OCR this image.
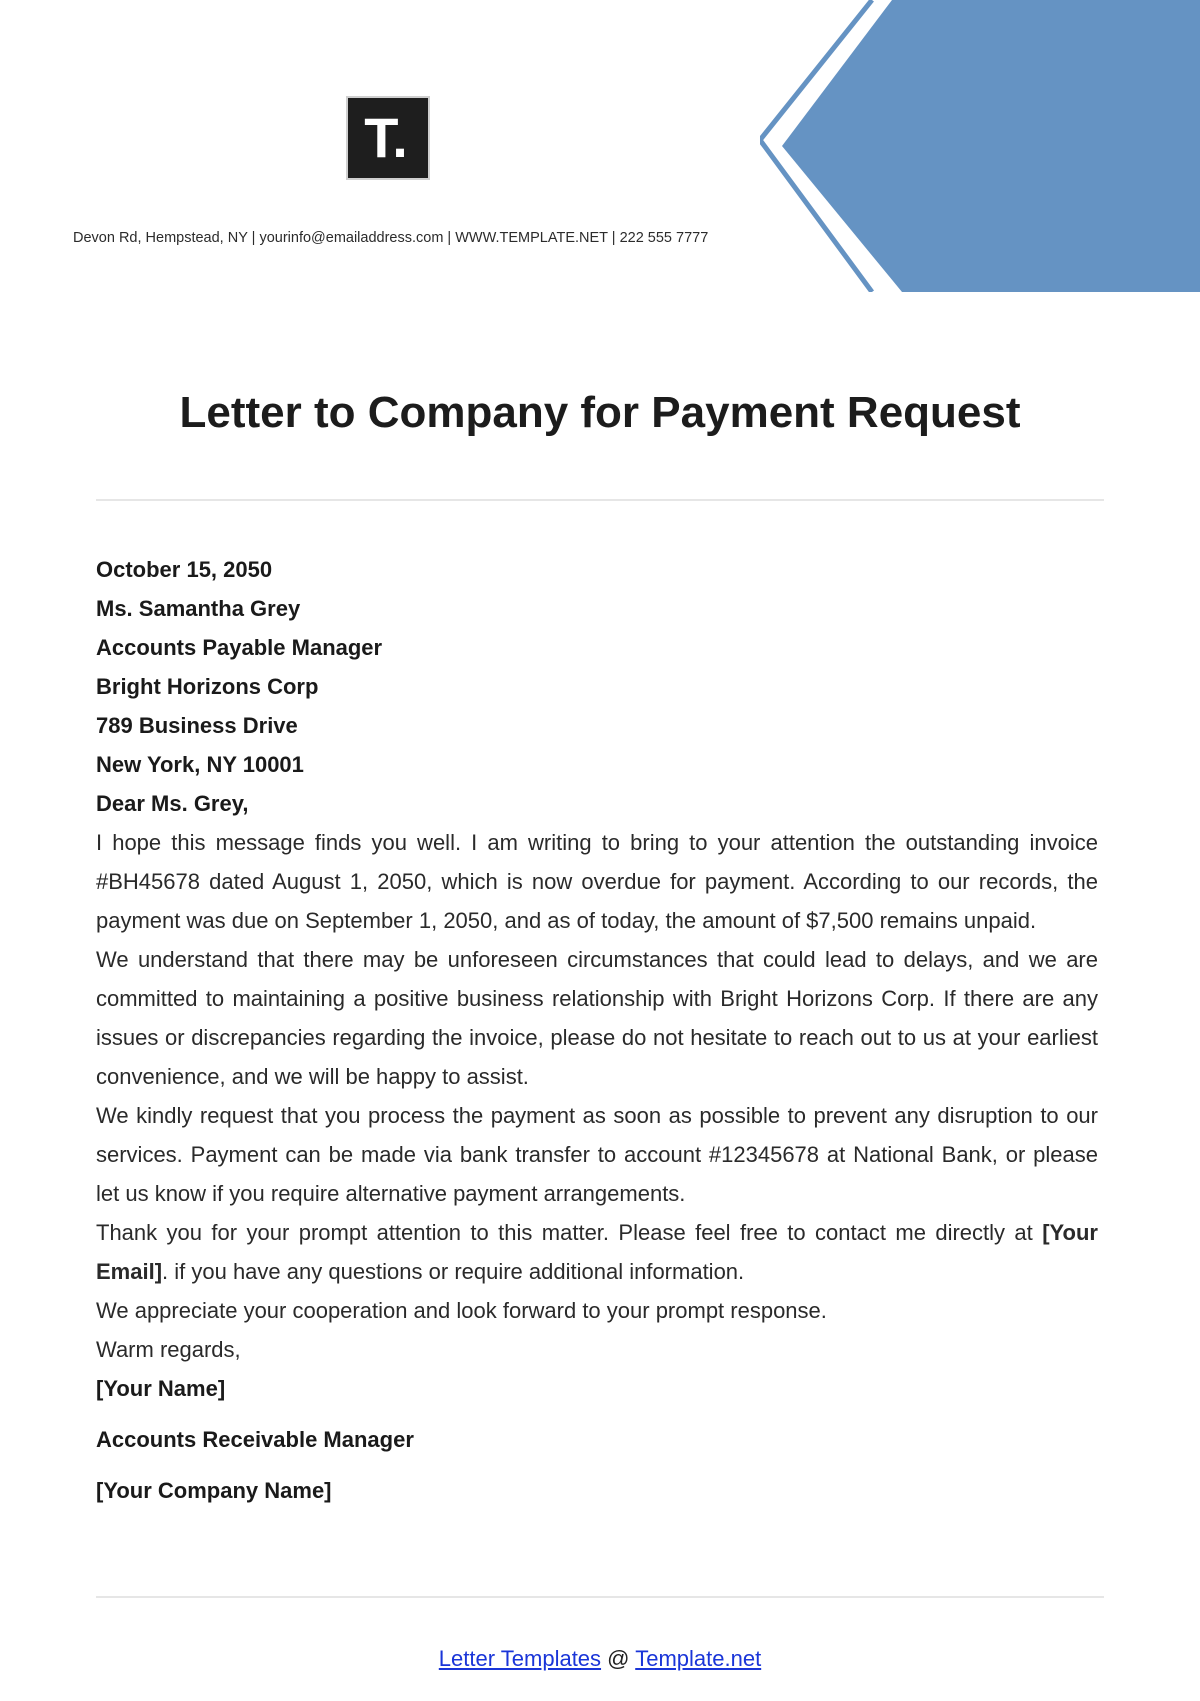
T.
Devon Rd, Hempstead, NY | yourinfo@emailaddress.com | WWW.TEMPLATE.NET | 222 555 7777
Letter to Company for Payment Request

October 15, 2050

Ms. Samantha Grey

Accounts Payable Manager

Bright Horizons Corp

789 Business Drive

New York, NY 10001

Dear Ms. Grey,

I hope this message finds you well. I am writing to bring to your attention the outstanding invoice #BH45678 dated August 1, 2050, which is now overdue for payment. According to our records, the payment was due on September 1, 2050, and as of today, the amount of $7,500 remains unpaid.

We understand that there may be unforeseen circumstances that could lead to delays, and we are committed to maintaining a positive business relationship with Bright Horizons Corp. If there are any issues or discrepancies regarding the invoice, please do not hesitate to reach out to us at your earliest convenience, and we will be happy to assist.

We kindly request that you process the payment as soon as possible to prevent any disruption to our services. Payment can be made via bank transfer to account #12345678 at National Bank, or please let us know if you require alternative payment arrangements.

Thank you for your prompt attention to this matter. Please feel free to contact me directly at [Your Email]. if you have any questions or require additional information.

We appreciate your cooperation and look forward to your prompt response.

Warm regards,

[Your Name]

Accounts Receivable Manager

[Your Company Name]

Letter Templates @ Template.net
